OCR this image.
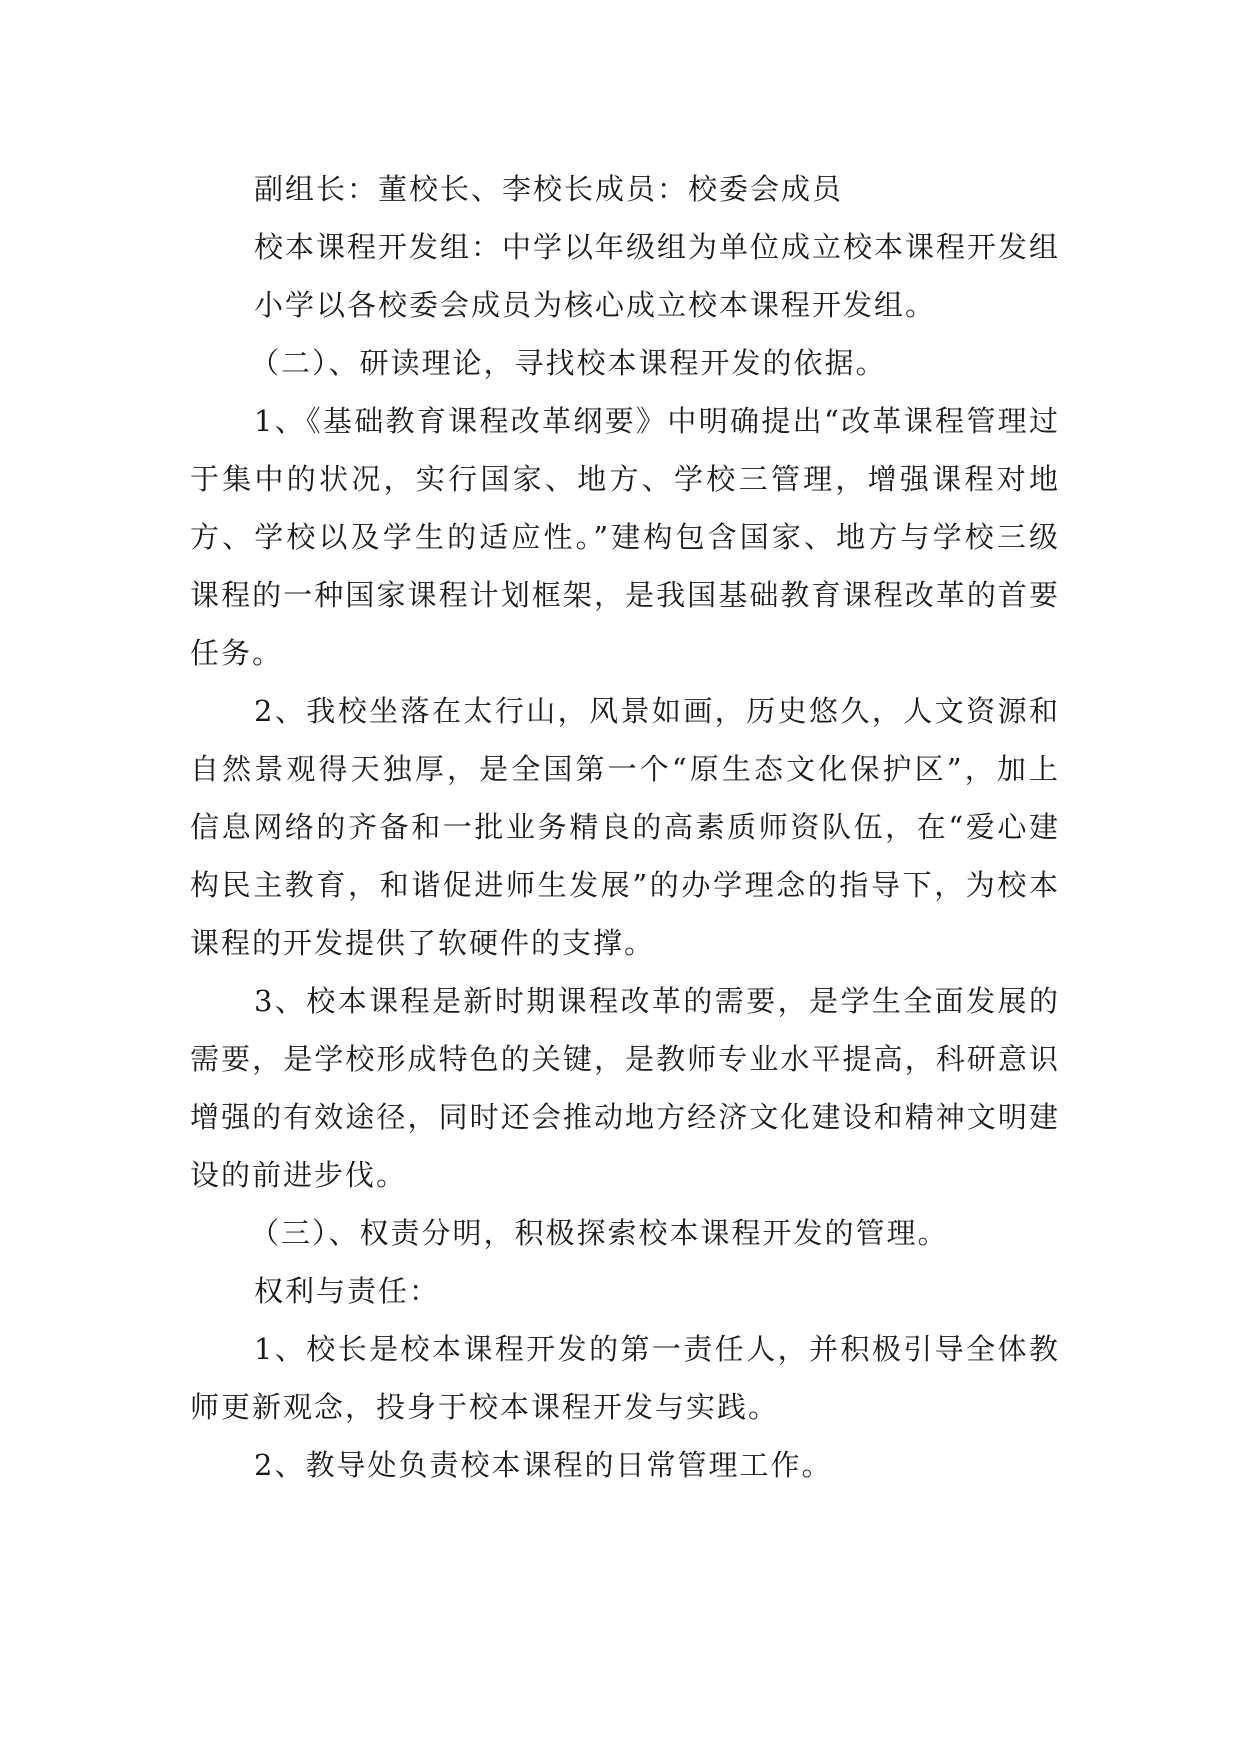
副组长：董校长、李校长成员：校委会成员

校本课程开发组：中学以年级组为单位成立校本课程开发组

小学以各校委会成员为核心成立校本课程开发组。

（二）、研读理论，寻找校本课程开发的依据。

1、《基础教育课程改革纲要》中明确提出“改革课程管理过于集中的状况，实行国家、地方、学校三管理，增强课程对地方、学校以及学生的适应性。”建构包含国家、地方与学校三级课程的一种国家课程计划框架，是我国基础教育课程改革的首要任务。

2、我校坐落在太行山，风景如画，历史悠久，人文资源和自然景观得天独厚，是全国第一个“原生态文化保护区”，加上信息网络的齐备和一批业务精良的高素质师资队伍，在“爱心建构民主教育，和谐促进师生发展”的办学理念的指导下，为校本课程的开发提供了软硬件的支撑。

3、校本课程是新时期课程改革的需要，是学生全面发展的需要，是学校形成特色的关键，是教师专业水平提高，科研意识增强的有效途径，同时还会推动地方经济文化建设和精神文明建设的前进步伐。

（三）、权责分明，积极探索校本课程开发的管理。

权利与责任：

1、校长是校本课程开发的第一责任人，并积极引导全体教师更新观念，投身于校本课程开发与实践。

2、教导处负责校本课程的日常管理工作。
